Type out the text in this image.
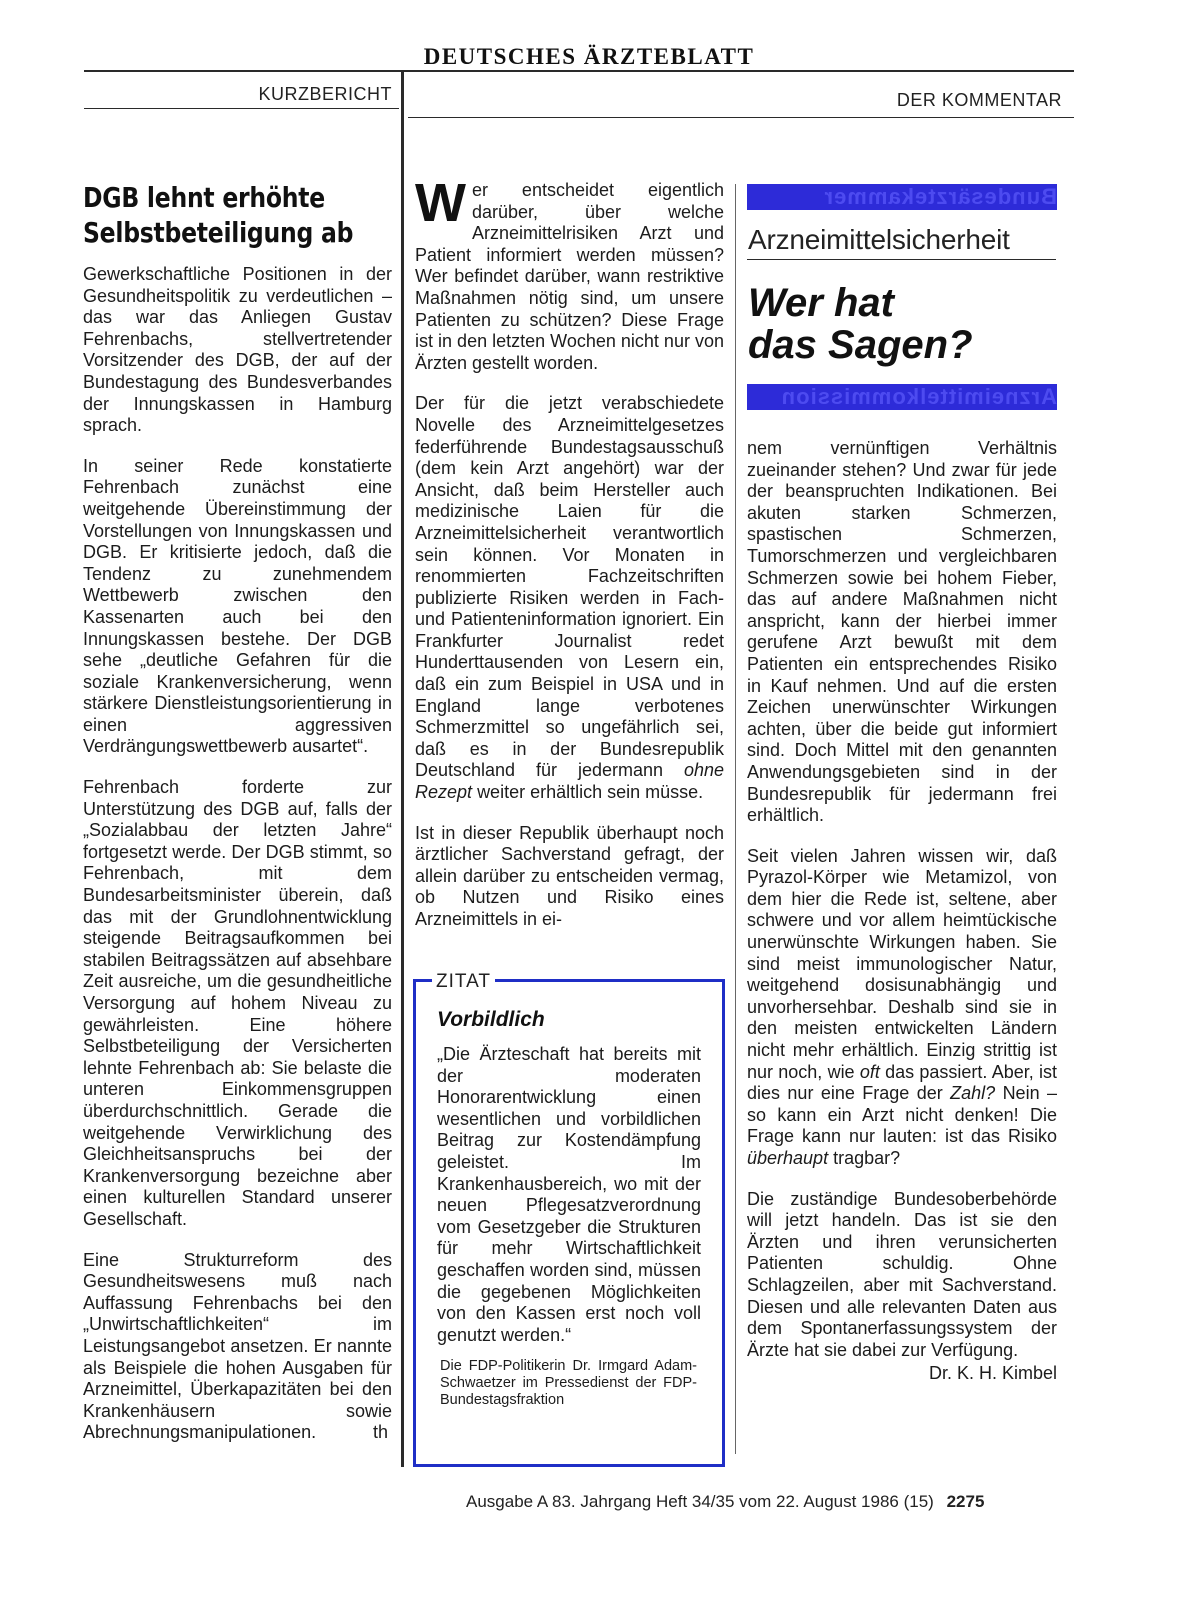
DEUTSCHES ÄRZTEBLATT
KURZBERICHT	DER KOMMENTAR
DGB lehnt erhöhte
Selbstbeteiligung ab

Gewerkschaftliche Positionen in der Gesundheitspolitik zu verdeutlichen – das war das Anliegen Gustav Fehrenbachs, stellvertretender Vorsitzender des DGB, der auf der Bundestagung des Bundesverbandes der Innungskassen in Hamburg sprach.

In seiner Rede konstatierte Fehrenbach zunächst eine weitgehende Übereinstimmung der Vorstellungen von Innungskassen und DGB. Er kritisierte jedoch, daß die Tendenz zu zunehmendem Wettbewerb zwischen den Kassenarten auch bei den Innungskassen bestehe. Der DGB sehe „deutliche Gefahren für die soziale Krankenversicherung, wenn stärkere Dienstleistungsorientierung in einen aggressiven Verdrängungswettbewerb ausartet“.

Fehrenbach forderte zur Unterstützung des DGB auf, falls der „Sozialabbau der letzten Jahre“ fortgesetzt werde. Der DGB stimmt, so Fehrenbach, mit dem Bundesarbeitsminister überein, daß das mit der Grundlohnentwicklung steigende Beitragsaufkommen bei stabilen Beitragssätzen auf absehbare Zeit ausreiche, um die gesundheitliche Versorgung auf hohem Niveau zu gewährleisten. Eine höhere Selbstbeteiligung der Versicherten lehnte Fehrenbach ab: Sie belaste die unteren Einkommensgruppen überdurchschnittlich. Gerade die weitgehende Verwirklichung des Gleichheitsanspruchs bei der Krankenversorgung bezeichne aber einen kulturellen Standard unserer Gesellschaft.

Eine Strukturreform des Gesundheitswesens muß nach Auffassung Fehrenbachs bei den „Unwirtschaftlichkeiten“ im Leistungsangebot ansetzen. Er nannte als Beispiele die hohen Ausgaben für Arzneimittel, Überkapazitäten bei den Krankenhäusern sowie Abrechnungsmanipulationen.	th

Wer entscheidet eigentlich darüber, über welche Arzneimittelrisiken Arzt und Patient informiert werden müssen? Wer befindet darüber, wann restriktive Maßnahmen nötig sind, um unsere Patienten zu schützen? Diese Frage ist in den letzten Wochen nicht nur von Ärzten gestellt worden.

Der für die jetzt verabschiedete Novelle des Arzneimittelgesetzes federführende Bundestagsausschuß (dem kein Arzt angehört) war der Ansicht, daß beim Hersteller auch medizinische Laien für die Arzneimittelsicherheit verantwortlich sein können. Vor Monaten in renommierten Fachzeitschriften publizierte Risiken werden in Fach- und Patienteninformation ignoriert. Ein Frankfurter Journalist redet Hunderttausenden von Lesern ein, daß ein zum Beispiel in USA und in England lange verbotenes Schmerzmittel so ungefährlich sei, daß es in der Bundesrepublik Deutschland für jedermann ohne Rezept weiter erhältlich sein müsse.

Ist in dieser Republik überhaupt noch ärztlicher Sachverstand gefragt, der allein darüber zu entscheiden vermag, ob Nutzen und Risiko eines Arzneimittels in ei-

ZITAT
Vorbildlich
„Die Ärzteschaft hat bereits mit der moderaten Honorarentwicklung einen wesentlichen und vorbildlichen Beitrag zur Kostendämpfung geleistet. Im Krankenhausbereich, wo mit der neuen Pflegesatzverordnung vom Gesetzgeber die Strukturen für mehr Wirtschaftlichkeit geschaffen worden sind, müssen die gegebenen Möglichkeiten von den Kassen erst noch voll genutzt werden.“
Die FDP-Politikerin Dr. Irmgard Adam-Schwaetzer im Pressedienst der FDP-Bundestagsfraktion
Bundesärztekammer
Arzneimittelsicherheit
Wer hat
das Sagen?
Arzneimittelkommission

nem vernünftigen Verhältnis zueinander stehen? Und zwar für jede der beanspruchten Indikationen. Bei akuten starken Schmerzen, spastischen Schmerzen, Tumorschmerzen und vergleichbaren Schmerzen sowie bei hohem Fieber, das auf andere Maßnahmen nicht anspricht, kann der hierbei immer gerufene Arzt bewußt mit dem Patienten ein entsprechendes Risiko in Kauf nehmen. Und auf die ersten Zeichen unerwünschter Wirkungen achten, über die beide gut informiert sind. Doch Mittel mit den genannten Anwendungsgebieten sind in der Bundesrepublik für jedermann frei erhältlich.

Seit vielen Jahren wissen wir, daß Pyrazol-Körper wie Metamizol, von dem hier die Rede ist, seltene, aber schwere und vor allem heimtückische unerwünschte Wirkungen haben. Sie sind meist immunologischer Natur, weitgehend dosisunabhängig und unvorhersehbar. Deshalb sind sie in den meisten entwickelten Ländern nicht mehr erhältlich. Einzig strittig ist nur noch, wie oft das passiert. Aber, ist dies nur eine Frage der Zahl? Nein – so kann ein Arzt nicht denken! Die Frage kann nur lauten: ist das Risiko überhaupt tragbar?

Die zuständige Bundesoberbehörde will jetzt handeln. Das ist sie den Ärzten und ihren verunsicherten Patienten schuldig. Ohne Schlagzeilen, aber mit Sachverstand. Diesen und alle relevanten Daten aus dem Spontanerfassungssystem der Ärzte hat sie dabei zur Verfügung.

Dr. K. H. Kimbel
Ausgabe A 83. Jahrgang Heft 34/35 vom 22. August 1986 (15) 2275
